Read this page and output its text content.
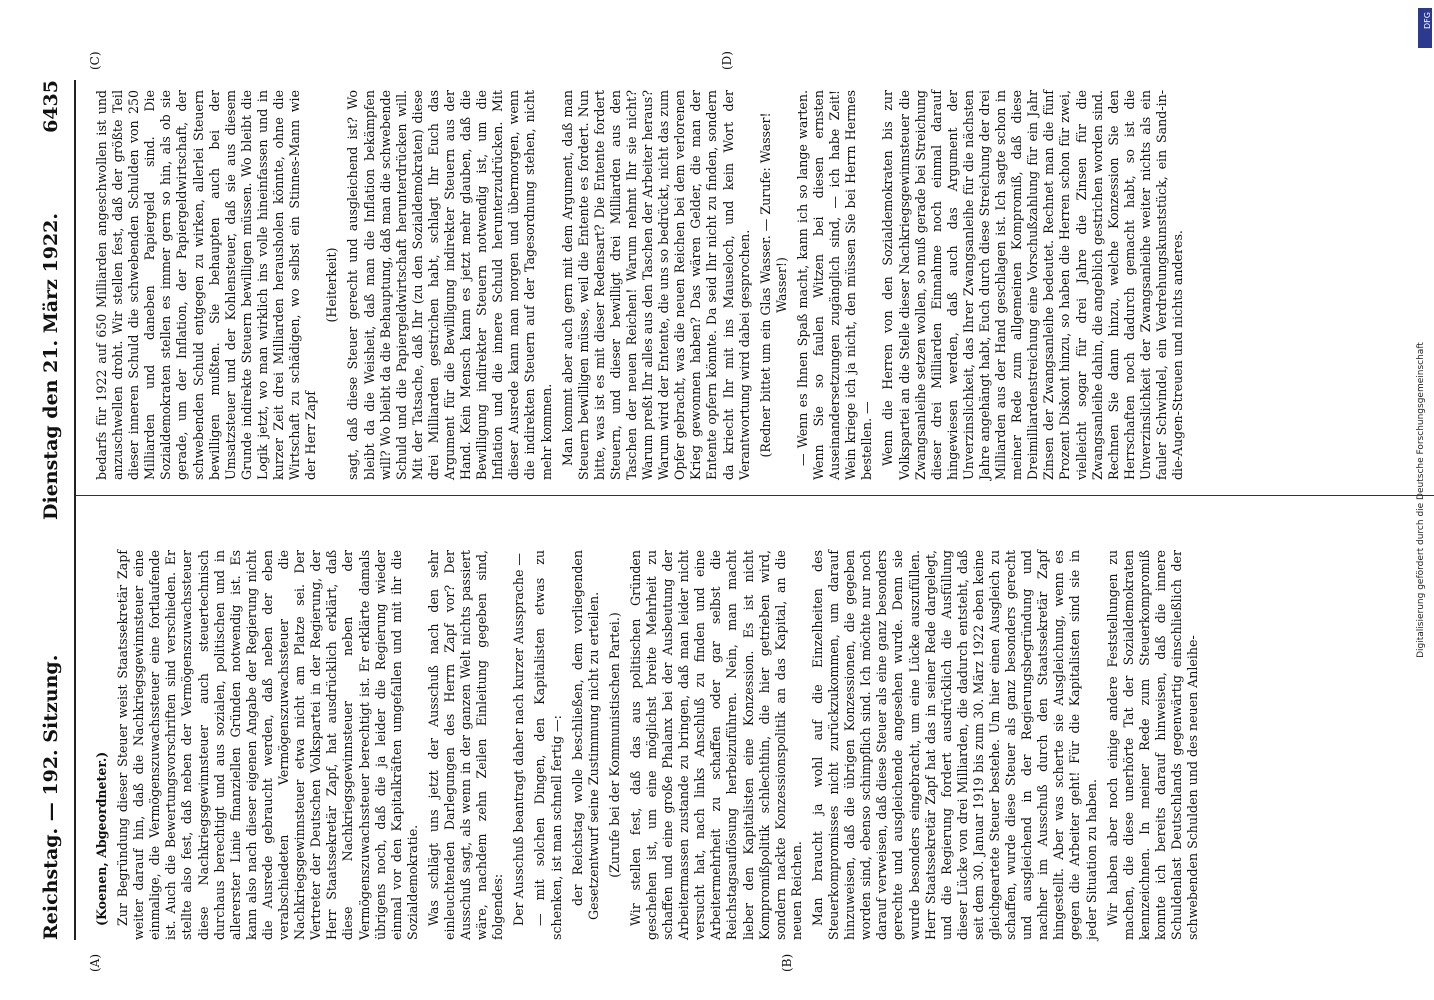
Reichstag. — 192. Sitzung.
Dienstag den 21. März 1922.
6435
(A)	(B)
(C)	(D)

(Koenen, Abgeordneter.) Zur Begründung dieser Steuer weist Staatssekretär Zapf weiter darauf hin, daß die Nachkriegsgewinnsteuer eine einmalige, die Vermögenszuwachssteuer eine fortlaufende ist. Auch die Bewertungsvorschriften sind verschieden. Er stellte also fest, daß neben der Vermögenszuwachssteuer diese Nachkriegsgewinnsteuer auch steuertechnisch durchaus berechtigt und aus sozialen, politischen und in allererster Linie finanziellen Gründen notwendig ist. Es kann also nach dieser eigenen Angabe der Regierung nicht die Ausrede gebraucht werden, daß neben der eben verabschiedeten Vermögenszuwachssteuer die Nachkriegsgewinnsteuer etwa nicht am Platze sei. Der Vertreter der Deutschen Volkspartei in der Regierung, der Herr Staatssekretär Zapf, hat ausdrücklich erklärt, daß diese Nachkriegsgewinnsteuer neben der Vermögenszuwachssteuer berechtigt ist. Er erklärte damals übrigens noch, daß die ja leider die Regierung wieder einmal vor den Kapitalkräften umgefallen und mit ihr die Sozialdemokratie. Was schlägt uns jetzt der Ausschuß nach den sehr einleuchtenden Darlegungen des Herrn Zapf vor? Der Ausschuß sagt, als wenn in der ganzen Welt nichts passiert wäre, nachdem zehn Zeilen Einleitung gegeben sind, folgendes: Der Ausschuß beantragt daher nach kurzer Aussprache — — mit solchen Dingen, den Kapitalisten etwas zu schenken, ist man schnell fertig —: der Reichstag wolle beschließen, dem vorliegenden Gesetzentwurf seine Zustimmung nicht zu erteilen. (Zurufe bei der Kommunistischen Partei.) Wir stellen fest, daß das aus politischen Gründen geschehen ist, um eine möglichst breite Mehrheit zu schaffen und eine große Phalanx bei der Ausbeutung der Arbeitermassen zustande zu bringen, daß man leider nicht versucht hat, nach links Anschluß zu finden und eine Arbeitermehrheit zu schaffen oder gar selbst die Reichstagsauflösung herbeizuführen. Nein, man macht lieber den Kapitalisten eine Konzession. Es ist nicht Kompromißpolitik schlechthin, die hier getrieben wird, sondern nackte Konzessionspolitik an das Kapital, an die neuen Reichen. Man braucht ja wohl auf die Einzelheiten des Steuerkompromisses nicht zurückzukommen, um darauf hinzuweisen, daß die übrigen Konzessionen, die gegeben worden sind, ebenso schimpflich sind. Ich möchte nur noch darauf verweisen, daß diese Steuer als eine ganz besonders gerechte und ausgleichende angesehen wurde. Denn sie wurde besonders eingebracht, um eine Lücke auszufüllen. Herr Staatssekretär Zapf hat das in seiner Rede dargelegt, und die Regierung fordert ausdrücklich die Ausfüllung dieser Lücke von drei Milliarden, die dadurch entsteht, daß seit dem 30. Januar 1919 bis zum 30. März 1922 eben keine gleichgeartete Steuer bestehe. Um hier einen Ausgleich zu schaffen, wurde diese Steuer als ganz besonders gerecht und ausgleichend in der Regierungsbegründung und nachher im Ausschuß durch den Staatssekretär Zapf hingestellt. Aber was scherte sie Ausgleichung, wenn es gegen die Arbeiter geht! Für die Kapitalisten sind sie in jeder Situation zu haben. Wir haben aber noch einige andere Feststellungen zu machen, die diese unerhörte Tat der Sozialdemokraten kennzeichnen. In meiner Rede zum Steuerkompromiß konnte ich bereits darauf hinweisen, daß die innere Schuldenlast Deutschlands gegenwärtig einschließlich der schwebenden Schulden und des neuen Anleihe-

bedarfs für 1922 auf 650 Milliarden angeschwollen ist und anzuschwellen droht. Wir stellen fest, daß der größte Teil dieser inneren Schuld die schwebenden Schulden von 250 Milliarden und daneben Papiergeld sind. Die Sozialdemokraten stellen es immer gern so hin, als ob sie gerade, um der Inflation, der Papiergeldwirtschaft, der schwebenden Schuld entgegen zu wirken, allerlei Steuern bewilligen mußten. Sie behaupten auch bei der Umsatzsteuer und der Kohlensteuer, daß sie aus diesem Grunde indirekte Steuern bewilligen müssen. Wo bleibt die Logik jetzt, wo man wirklich ins volle hineinfassen und in kurzer Zeit drei Milliarden herausholen könnte, ohne die Wirtschaft zu schädigen, wo selbst ein Stinnes-Mann wie der Herr Zapf

(Heiterkeit) sagt, daß diese Steuer gerecht und ausgleichend ist? Wo bleibt da die Weisheit, daß man die Inflation bekämpfen will? Wo bleibt da die Behauptung, daß man die schwebende Schuld und die Papiergeldwirtschaft herunterdrücken will. Mit der Tatsache, daß Ihr (zu den Sozialdemokraten) diese drei Milliarden gestrichen habt, schlagt Ihr Euch das Argument für die Bewilligung indirekter Steuern aus der Hand. Kein Mensch kann es jetzt mehr glauben, daß die Bewilligung indirekter Steuern notwendig ist, um die Inflation und die innere Schuld herunterzudrücken. Mit dieser Ausrede kann man morgen und übermorgen, wenn die indirekten Steuern auf der Tagesordnung stehen, nicht mehr kommen. Man kommt aber auch gern mit dem Argument, daß man Steuern bewilligen müsse, weil die Entente es fordert. Nun bitte, was ist es mit dieser Redensart? Die Entente fordert Steuern, und dieser bewilligt drei Milliarden aus den Taschen der neuen Reichen! Warum nehmt Ihr sie nicht? Warum preßt Ihr alles aus den Taschen der Arbeiter heraus? Warum wird der Entente, die uns so bedrückt, nicht das zum Opfer gebracht, was die neuen Reichen bei dem verlorenen Krieg gewonnen haben? Das wären Gelder, die man der Entente opfern könnte. Da seid Ihr nicht zu finden, sondern da kriecht Ihr mit ins Mauseloch, und kein Wort der Verantwortung wird dabei gesprochen. (Redner bittet um ein Glas Wasser. — Zurufe: Wasser! Wasser!) — Wenn es Ihnen Spaß macht, kann ich so lange warten. Wenn Sie so faulen Witzen bei diesen ernsten Auseinandersetzungen zugänglich sind, — ich habe Zeit! Wein kriege ich ja nicht, den müssen Sie bei Herrn Hermes bestellen. — Wenn die Herren von den Sozialdemokraten bis zur Volkspartei an die Stelle dieser Nachkriegsgewinnsteuer die Zwangsanleihe setzen wollen, so muß gerade bei Streichung dieser drei Milliarden Einnahme noch einmal darauf hingewiesen werden, daß auch das Argument der Unverzinslichkeit, das Ihrer Zwangsanleihe für die nächsten Jahre angehängt habt, Euch durch diese Streichung der drei Milliarden aus der Hand geschlagen ist. Ich sagte schon in meiner Rede zum allgemeinen Kompromiß, daß diese Dreimilliardenstreichung eine Vorschußzahlung für ein Jahr Zinsen der Zwangsanleihe bedeutet. Rechnet man die fünf Prozent Diskont hinzu, so haben die Herren schon für zwei, vielleicht sogar für drei Jahre die Zinsen für die Zwangsanleihe dahin, die angeblich gestrichen worden sind. Rechnen Sie dann hinzu, welche Konzession Sie den Herrschaften noch dadurch gemacht habt, so ist die Unverzinslichkeit der Zwangsanleihe weiter nichts als ein fauler Schwindel, ein Verdrehungskunststück, ein Sand-in-die-Augen-Streuen und nichts anderes.

DFG
Digitalisierung gefördert durch die Deutsche Forschungsgemeinschaft
